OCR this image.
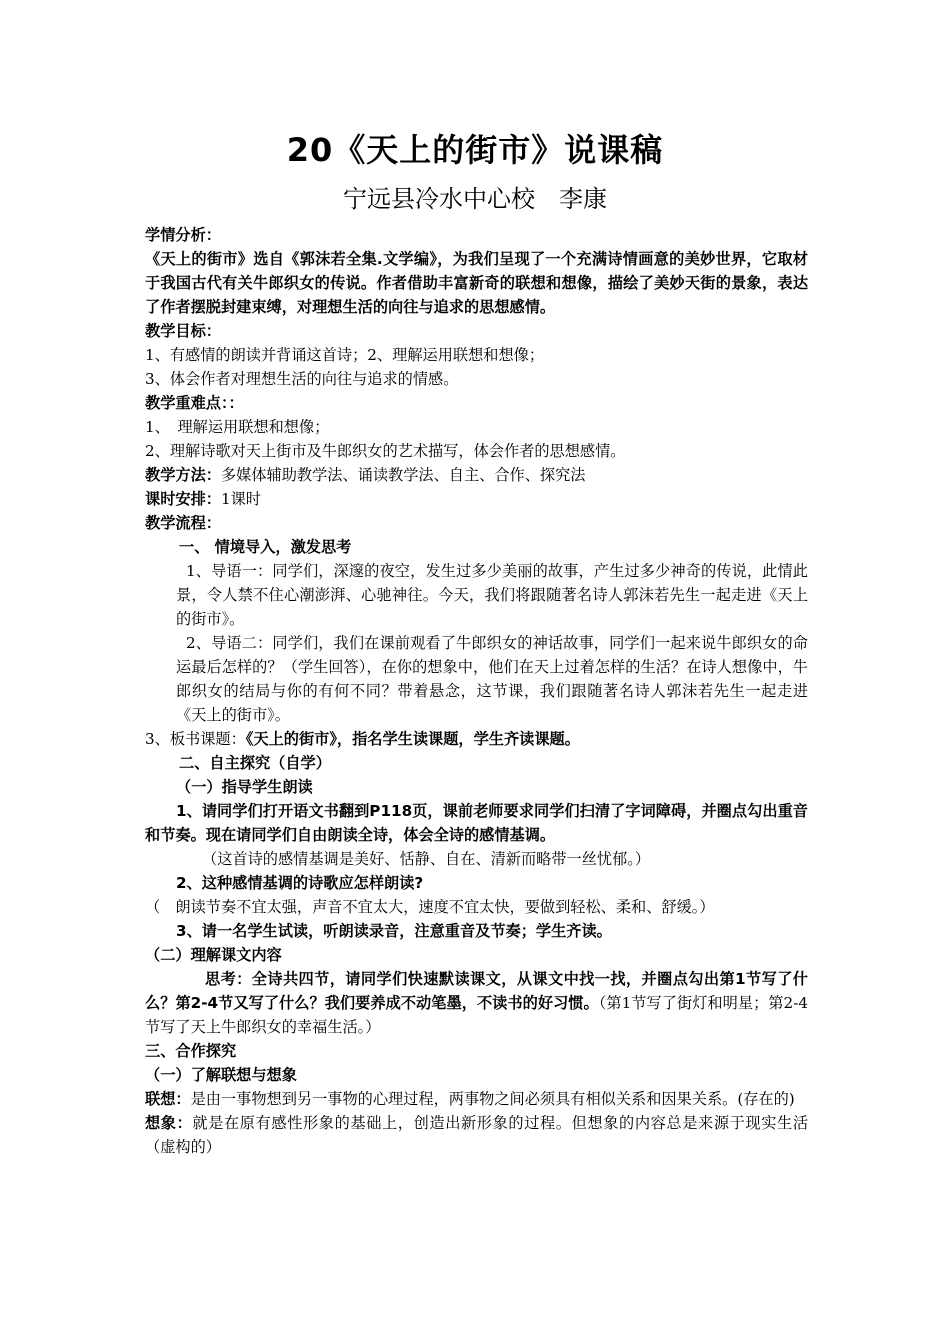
20《天上的街市》说课稿
宁远县冷水中心校　李康

学情分析：

《天上的街市》选自《郭沫若全集.文学编》，为我们呈现了一个充满诗情画意的美妙世界，它取材于我国古代有关牛郎织女的传说。作者借助丰富新奇的联想和想像，描绘了美妙天街的景象，表达了作者摆脱封建束缚，对理想生活的向往与追求的思想感情。

教学目标：

1、有感情的朗读并背诵这首诗；2、理解运用联想和想像；

3、体会作者对理想生活的向往与追求的情感。

教学重难点：：

1、　理解运用联想和想像；

2、理解诗歌对天上街市及牛郎织女的艺术描写，体会作者的思想感情。

教学方法：多媒体辅助教学法、诵读教学法、自主、合作、探究法

课时安排：1课时

教学流程：

一、 情境导入，激发思考

1、导语一：同学们，深邃的夜空，发生过多少美丽的故事，产生过多少神奇的传说，此情此景，令人禁不住心潮澎湃、心驰神往。今天，我们将跟随著名诗人郭沫若先生一起走进《天上的街市》。

2、导语二：同学们，我们在课前观看了牛郎织女的神话故事，同学们一起来说牛郎织女的命运最后怎样的？（学生回答），在你的想象中，他们在天上过着怎样的生活？在诗人想像中，牛郎织女的结局与你的有何不同？带着悬念，这节课，我们跟随著名诗人郭沫若先生一起走进《天上的街市》。

3、板书课题：《天上的街市》，指名学生读课题，学生齐读课题。

二、自主探究（自学）

（一）指导学生朗读

1、请同学们打开语文书翻到P118页，课前老师要求同学们扫清了字词障碍，并圈点勾出重音和节奏。现在请同学们自由朗读全诗，体会全诗的感情基调。

（这首诗的感情基调是美好、恬静、自在、清新而略带一丝忧郁。）

2、这种感情基调的诗歌应怎样朗读?

（　朗读节奏不宜太强，声音不宜太大，速度不宜太快，要做到轻松、柔和、舒缓。）

3、请一名学生试读，听朗读录音，注意重音及节奏；学生齐读。

（二）理解课文内容

思考：全诗共四节，请同学们快速默读课文，从课文中找一找，并圈点勾出第1节写了什么？第2-4节又写了什么？我们要养成不动笔墨，不读书的好习惯。（第1节写了街灯和明星；第2-4节写了天上牛郎织女的幸福生活。）

三、合作探究

（一）了解联想与想象

联想：是由一事物想到另一事物的心理过程，两事物之间必须具有相似关系和因果关系。(存在的)

想象：就是在原有感性形象的基础上，创造出新形象的过程。但想象的内容总是来源于现实生活（虚构的）
